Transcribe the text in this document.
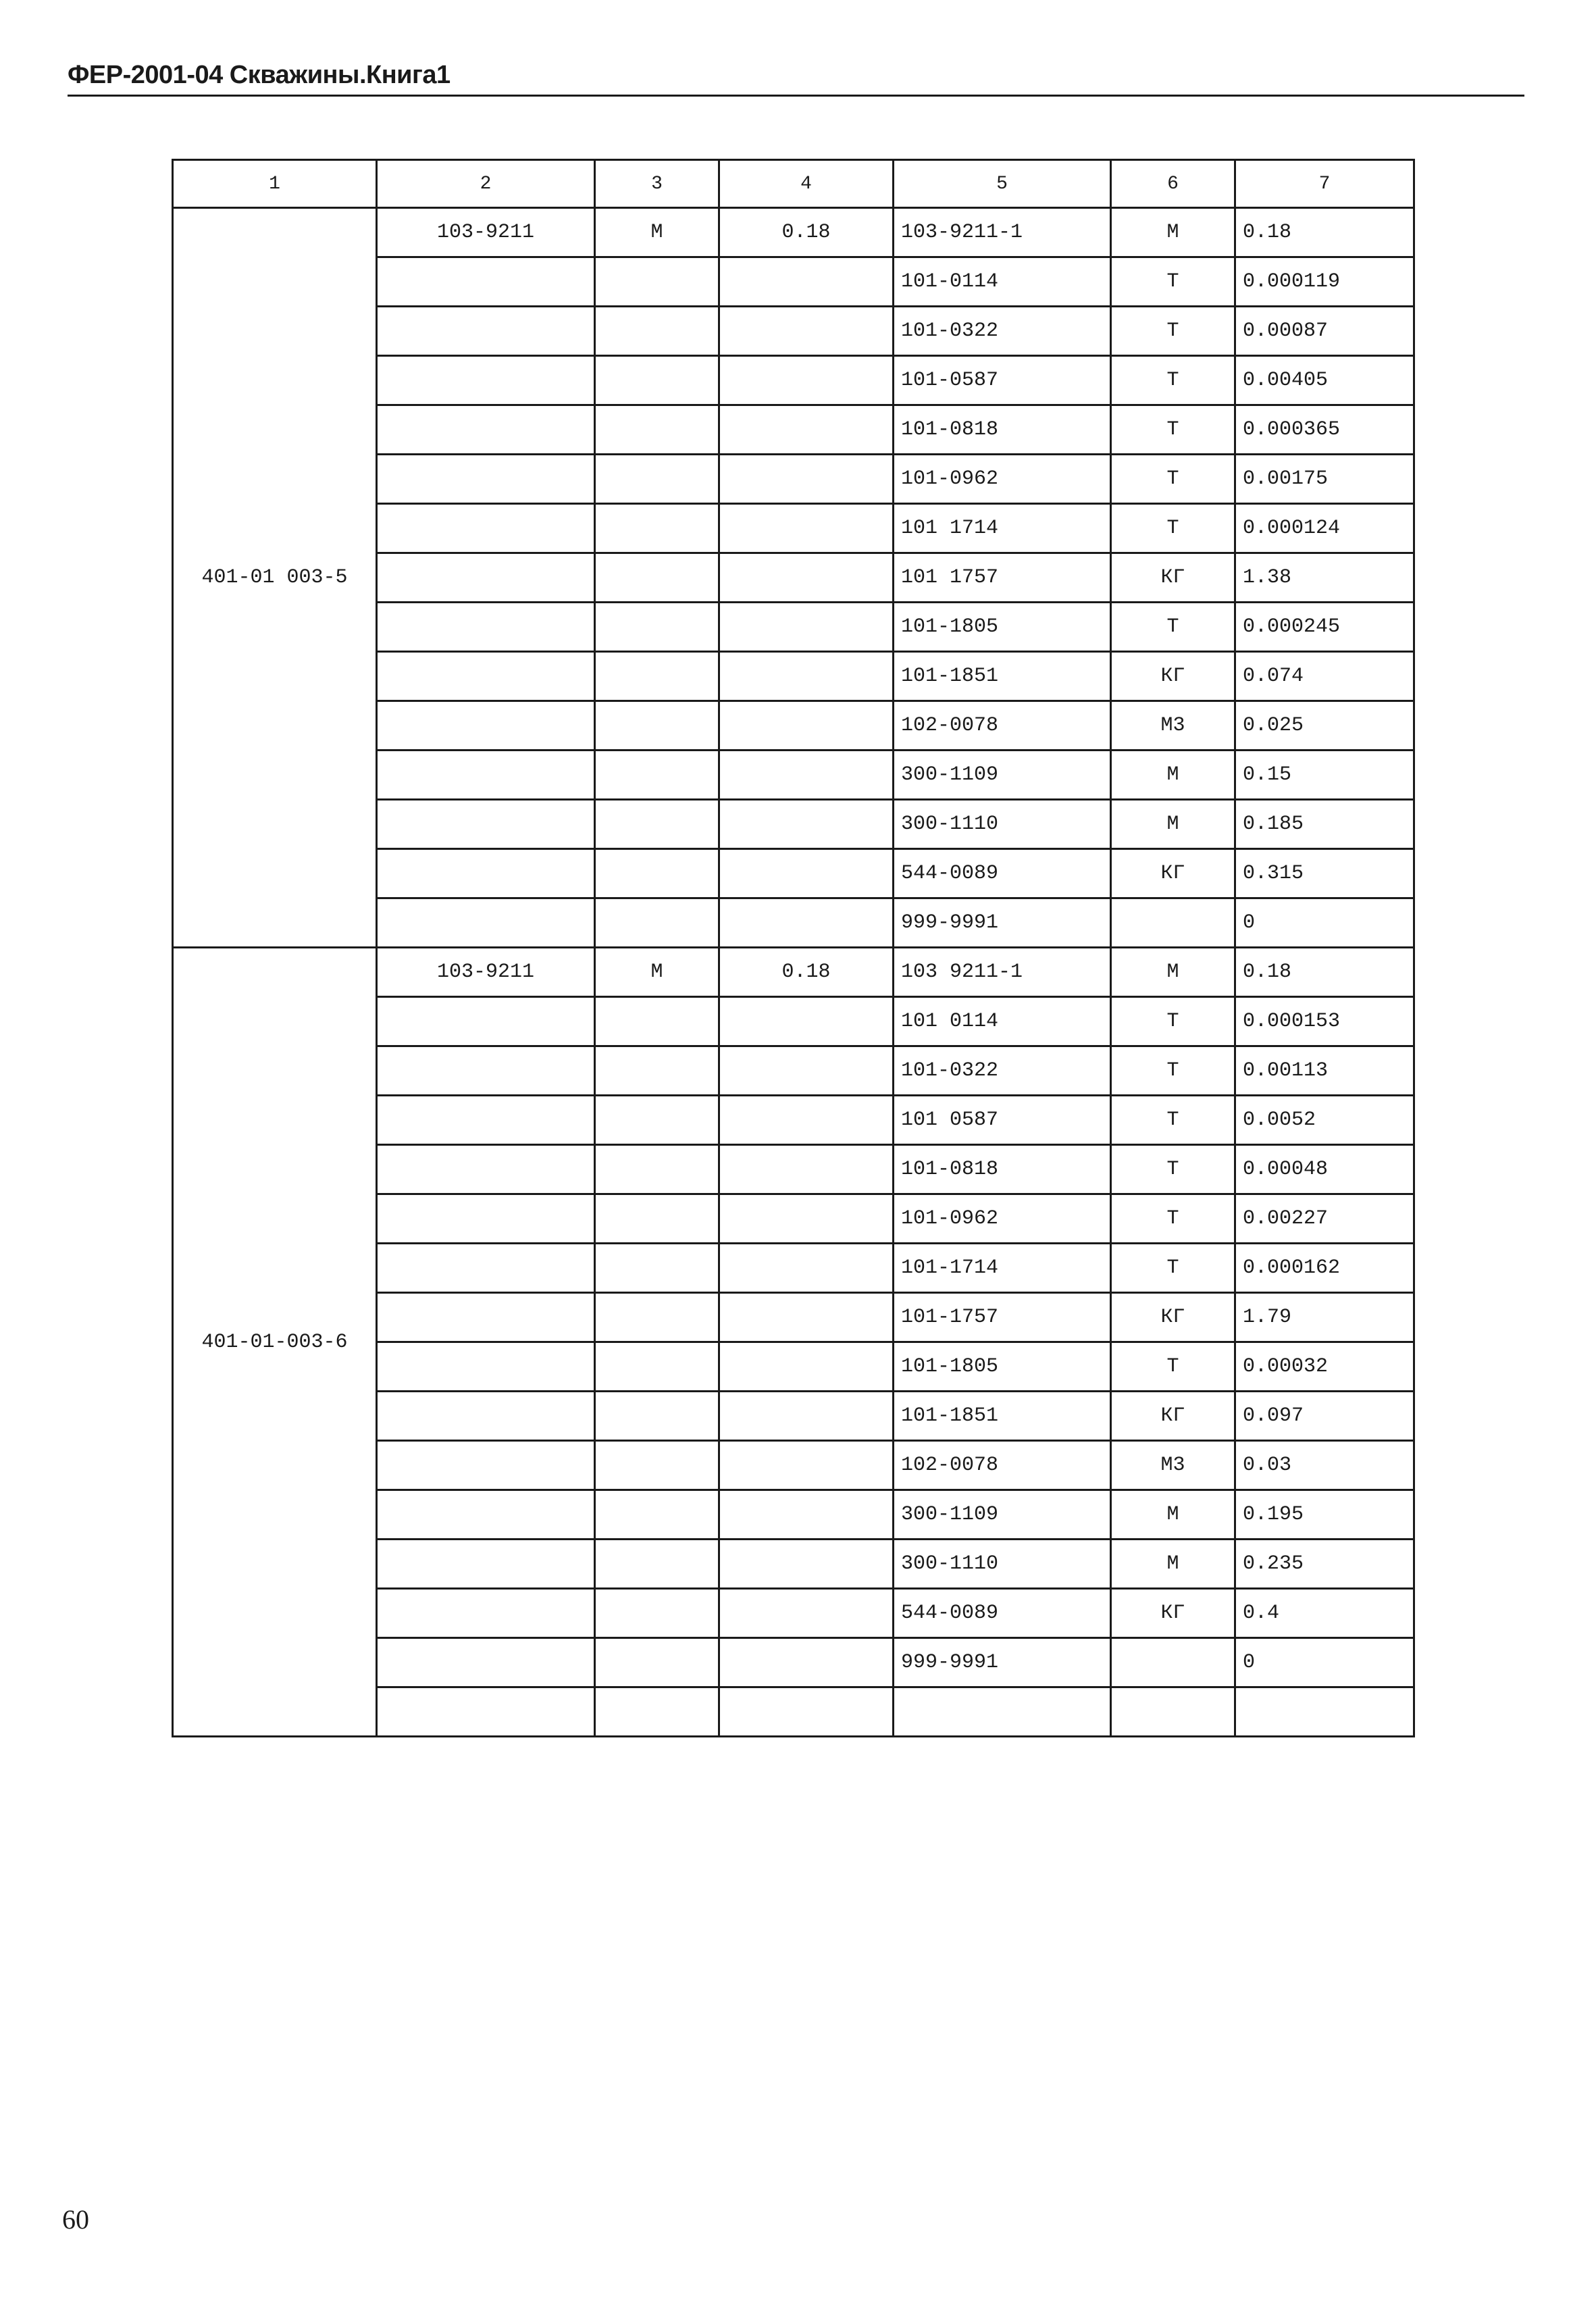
ФЕР-2001-04 Скважины.Книга1
1	2	3	4	5	6	7
401-01 003-5	103-9211	М	0.18	103-9211-1	М	0.18
				101-0114	Т	0.000119
				101-0322	Т	0.00087
				101-0587	Т	0.00405
				101-0818	Т	0.000365
				101-0962	Т	0.00175
				101 1714	Т	0.000124
				101 1757	КГ	1.38
				101-1805	Т	0.000245
				101-1851	КГ	0.074
				102-0078	М3	0.025
				300-1109	М	0.15
				300-1110	М	0.185
				544-0089	КГ	0.315
				999-9991		0
401-01-003-6	103-9211	М	0.18	103 9211-1	М	0.18
				101 0114	Т	0.000153
				101-0322	Т	0.00113
				101 0587	Т	0.0052
				101-0818	Т	0.00048
				101-0962	Т	0.00227
				101-1714	Т	0.000162
				101-1757	КГ	1.79
				101-1805	Т	0.00032
				101-1851	КГ	0.097
				102-0078	М3	0.03
				300-1109	М	0.195
				300-1110	М	0.235
				544-0089	КГ	0.4
				999-9991		0

60
